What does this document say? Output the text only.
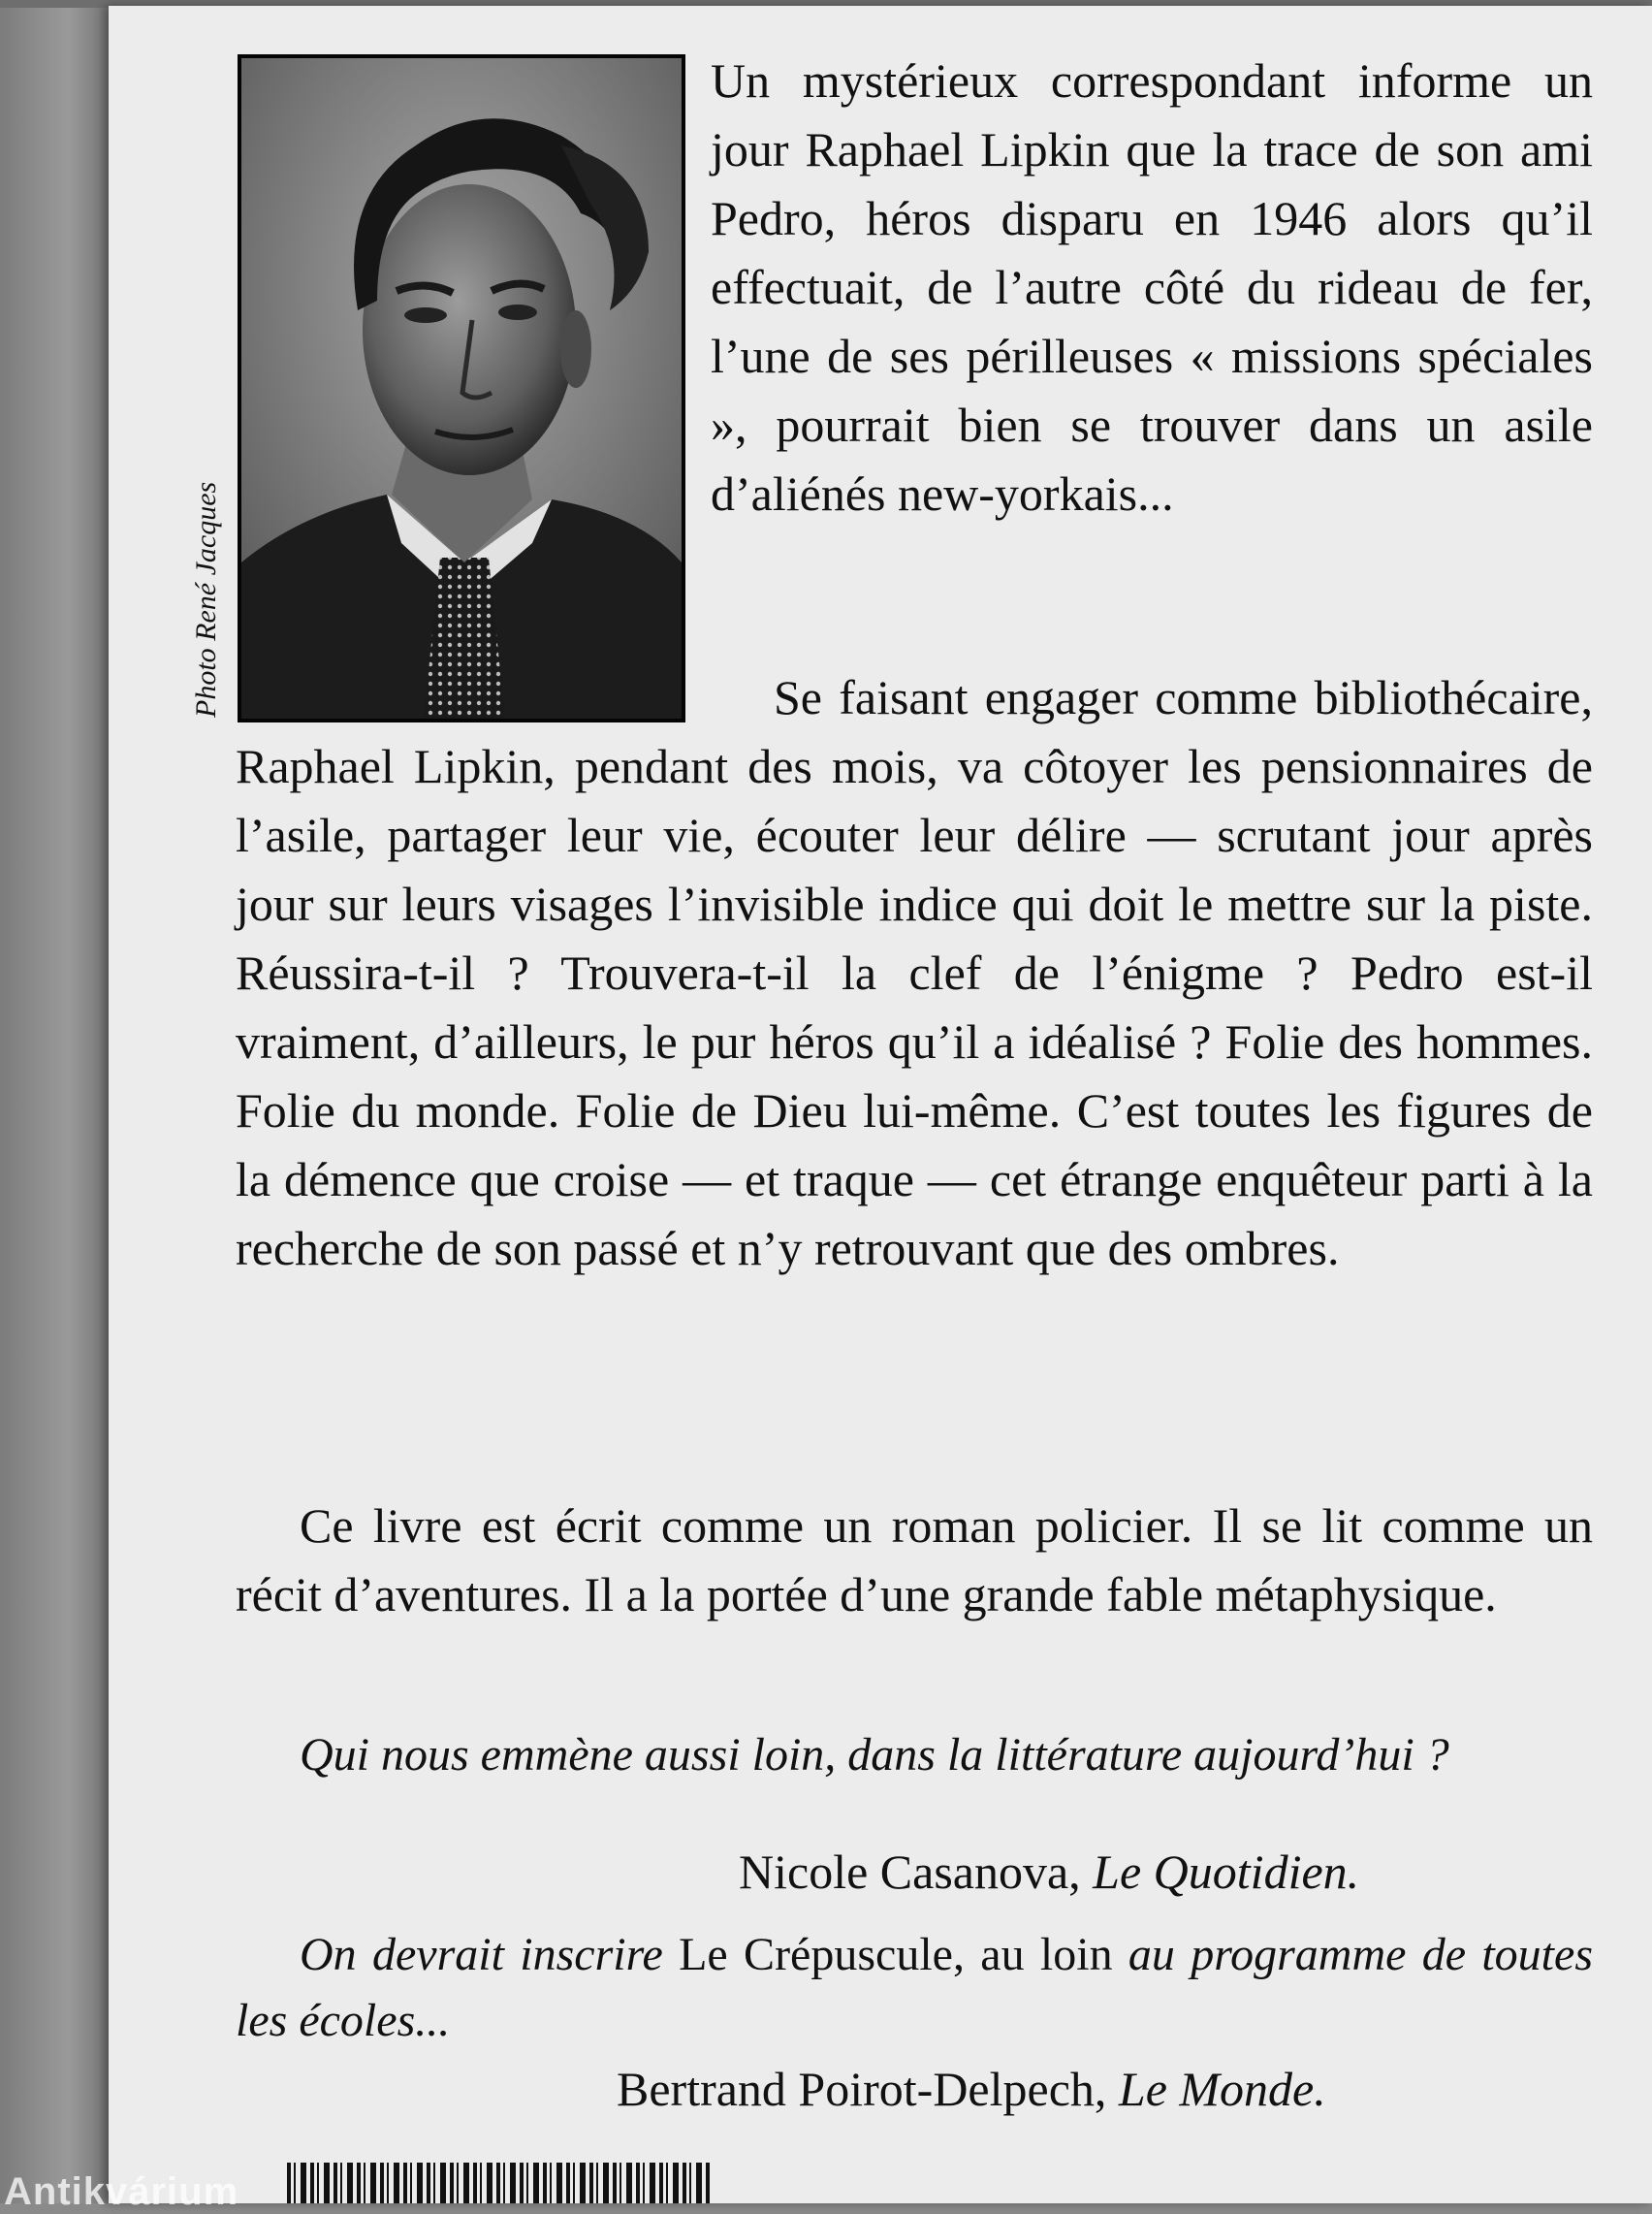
Photo René Jacques
Un mystérieux correspondant informe un jour Raphael Lipkin que la trace de son ami Pedro, héros disparu en 1946 alors qu’il effectuait, de l’autre côté du rideau de fer, l’une de ses périlleuses « missions spéciales », pourrait bien se trouver dans un asile d’aliénés new-yorkais...
Se faisant engager comme bibliothécaire, Raphael Lipkin, pendant des mois, va côtoyer les pensionnaires de l’asile, partager leur vie, écouter leur délire — scrutant jour après jour sur leurs visages l’invisible indice qui doit le mettre sur la piste. Réussira-t-il ? Trouvera-t-il la clef de l’énigme ? Pedro est-il vraiment, d’ailleurs, le pur héros qu’il a idéalisé ? Folie des hommes. Folie du monde. Folie de Dieu lui-même. C’est toutes les figures de la démence que croise — et traque — cet étrange enquêteur parti à la recherche de son passé et n’y retrouvant que des ombres.
Ce livre est écrit comme un roman policier. Il se lit comme un récit d’aventures. Il a la portée d’une grande fable métaphysique.
Qui nous emmène aussi loin, dans la littérature aujourd’hui ?
Nicole Casanova, Le Quotidien.
On devrait inscrire Le Crépuscule, au loin au programme de toutes les écoles...
Bertrand Poirot-Delpech, Le Monde.
Antikvárium
